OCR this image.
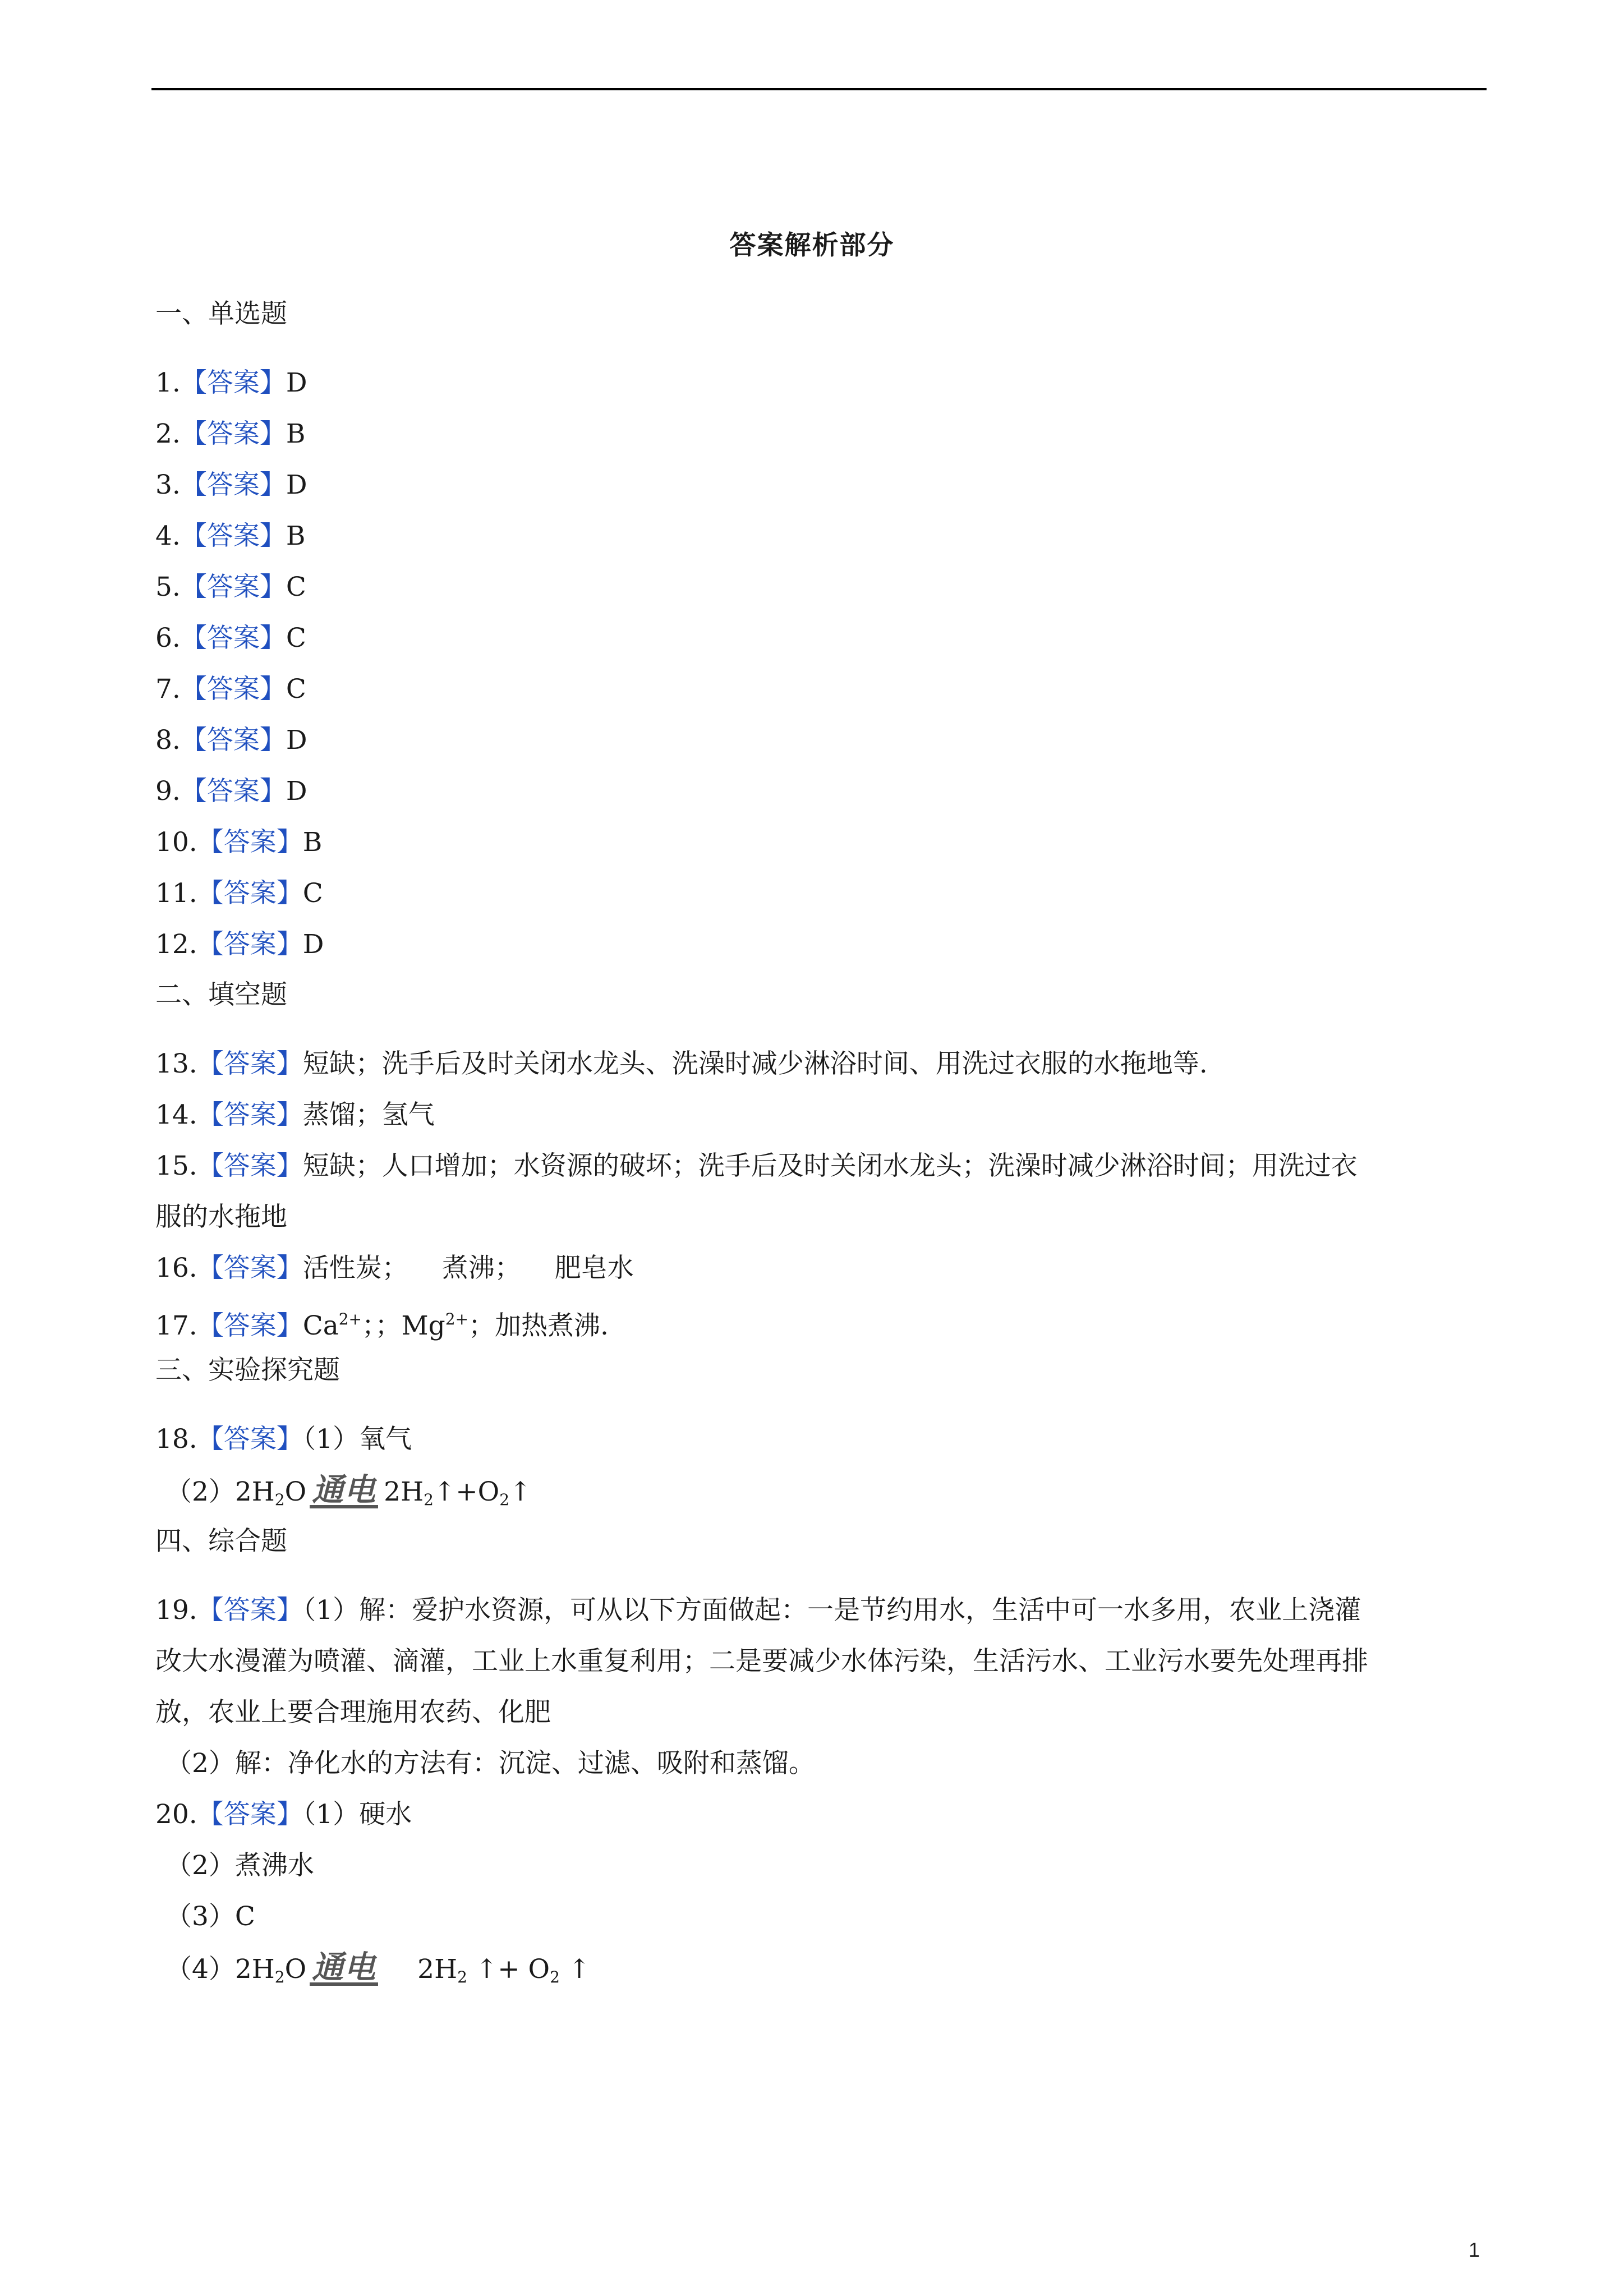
答案解析部分
一、单选题
1.【答案】D
2.【答案】B
3.【答案】D
4.【答案】B
5.【答案】C
6.【答案】C
7.【答案】C
8.【答案】D
9.【答案】D
10.【答案】B
11.【答案】C
12.【答案】D
二、填空题
13.【答案】短缺；洗手后及时关闭水龙头、洗澡时减少淋浴时间、用洗过衣服的水拖地等.
14.【答案】蒸馏；氢气
15.【答案】短缺；人口增加；水资源的破坏；洗手后及时关闭水龙头；洗澡时减少淋浴时间；用洗过衣
服的水拖地
16.【答案】活性炭； 煮沸； 肥皂水
17.【答案】$Ca^{2+}$；；$Mg^{2+}$；加热煮沸.
三、实验探究题
18.【答案】（1）氧气
$(2)2H_2O$ 通电 $2H_2↑+O_2↑$
四、综合题
19.【答案】（1）解：爱护水资源，可从以下方面做起：一是节约用水，生活中可一水多用，农业上浇灌
改大水漫灌为喷灌、滴灌，工业上水重复利用；二是要减少水体污染，生活污水、工业污水要先处理再排
放，农业上要合理施用农药、化肥
（2）解：净化水的方法有：沉淀、过滤、吸附和蒸馏。
20.【答案】（1）硬水
（2）煮沸水
（3）C
$(4)2H_2O$ 通电 $2H_2$ ↑+ $O_2$ ↑
1
